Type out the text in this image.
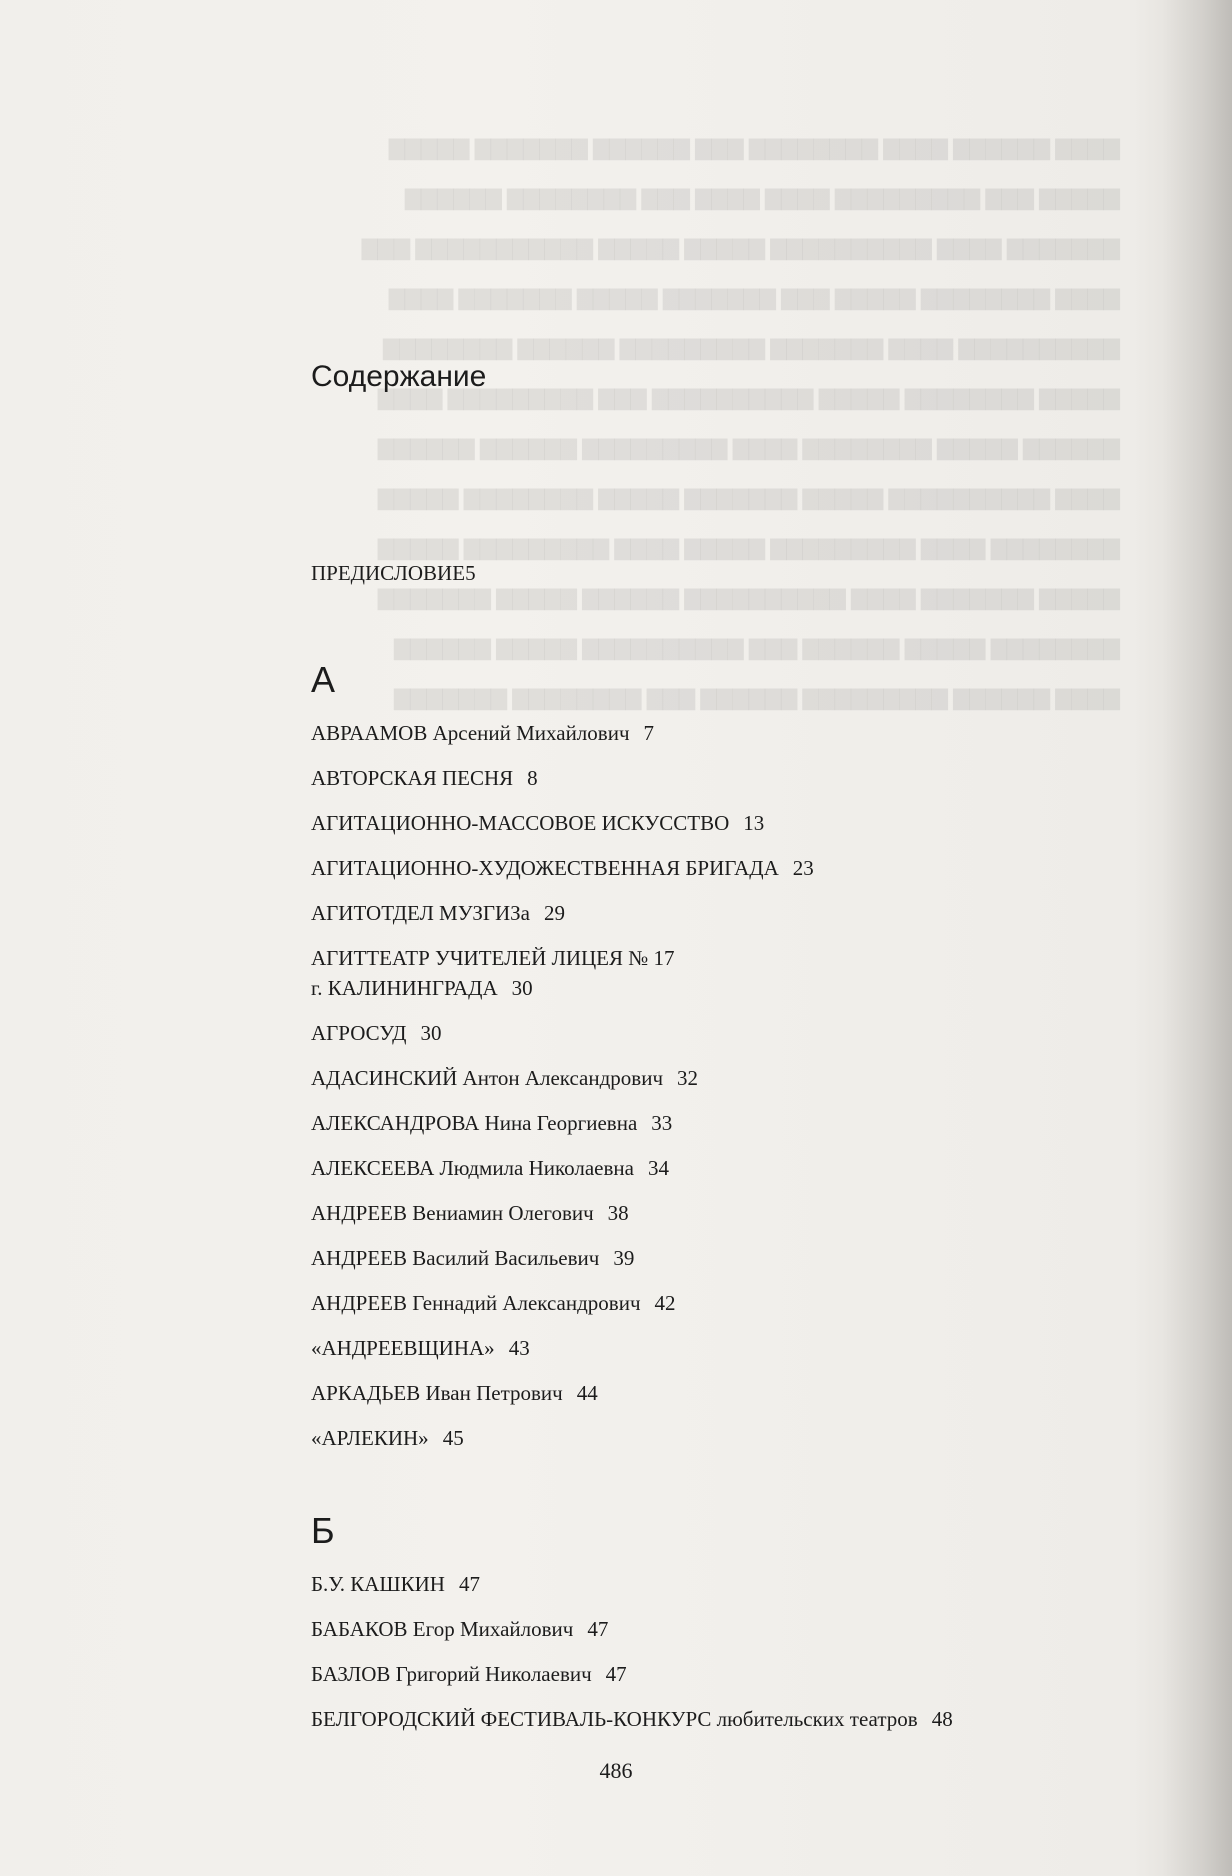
▇▇▇▇ ▇▇▇▇▇▇ ▇▇▇▇ ▇▇▇▇▇▇▇▇ ▇▇▇ ▇▇▇▇▇▇ ▇▇▇▇▇▇▇ ▇▇▇▇▇

▇▇▇▇▇ ▇▇▇ ▇▇▇▇▇▇▇▇▇ ▇▇▇▇ ▇▇▇▇ ▇▇▇ ▇▇▇▇▇▇▇▇ ▇▇▇▇▇▇

▇▇▇▇▇▇▇ ▇▇▇▇ ▇▇▇▇▇▇▇▇▇▇ ▇▇▇▇▇ ▇▇▇▇▇ ▇▇▇▇▇▇▇▇▇▇▇ ▇▇▇

▇▇▇▇ ▇▇▇▇▇▇▇▇ ▇▇▇▇▇ ▇▇▇ ▇▇▇▇▇▇▇ ▇▇▇▇▇ ▇▇▇▇▇▇▇ ▇▇▇▇

▇▇▇▇▇▇▇▇▇▇ ▇▇▇▇ ▇▇▇▇▇▇▇ ▇▇▇▇▇▇▇▇▇ ▇▇▇▇▇▇ ▇▇▇▇▇▇▇▇

▇▇▇▇▇ ▇▇▇▇▇▇▇▇ ▇▇▇▇▇ ▇▇▇▇▇▇▇▇▇▇ ▇▇▇ ▇▇▇▇▇▇▇▇▇ ▇▇▇▇

▇▇▇▇▇▇ ▇▇▇▇▇ ▇▇▇▇▇▇▇▇ ▇▇▇▇ ▇▇▇▇▇▇▇▇▇ ▇▇▇▇▇▇ ▇▇▇▇▇▇

▇▇▇▇ ▇▇▇▇▇▇▇▇▇▇ ▇▇▇▇▇ ▇▇▇▇▇▇▇ ▇▇▇▇▇ ▇▇▇▇▇▇▇▇ ▇▇▇▇▇

▇▇▇▇▇▇▇▇ ▇▇▇▇ ▇▇▇▇▇▇▇▇▇ ▇▇▇▇▇ ▇▇▇▇ ▇▇▇▇▇▇▇▇▇ ▇▇▇▇▇

▇▇▇▇▇ ▇▇▇▇▇▇▇ ▇▇▇▇ ▇▇▇▇▇▇▇▇▇▇ ▇▇▇▇▇▇ ▇▇▇▇▇ ▇▇▇▇▇▇▇

▇▇▇▇▇▇▇▇ ▇▇▇▇▇ ▇▇▇▇▇▇ ▇▇▇ ▇▇▇▇▇▇▇▇▇▇ ▇▇▇▇▇ ▇▇▇▇▇▇

▇▇▇▇ ▇▇▇▇▇▇ ▇▇▇▇▇▇▇▇▇ ▇▇▇▇▇▇ ▇▇▇ ▇▇▇▇▇▇▇▇ ▇▇▇▇▇▇▇

Содержание
ПРЕДИСЛОВИЕ5
А
АВРААМОВ Арсений Михайлович 7
АВТОРСКАЯ ПЕСНЯ 8
АГИТАЦИОННО-МАССОВОЕ ИСКУССТВО 13
АГИТАЦИОННО-ХУДОЖЕСТВЕННАЯ БРИГАДА 23
АГИТОТДЕЛ МУЗГИЗа 29
АГИТТЕАТР УЧИТЕЛЕЙ ЛИЦЕЯ № 17
г. КАЛИНИНГРАДА 30
АГРОСУД 30
АДАСИНСКИЙ Антон Александрович 32
АЛЕКСАНДРОВА Нина Георгиевна 33
АЛЕКСЕЕВА Людмила Николаевна 34
АНДРЕЕВ Вениамин Олегович 38
АНДРЕЕВ Василий Васильевич 39
АНДРЕЕВ Геннадий Александрович 42
«АНДРЕЕВЩИНА» 43
АРКАДЬЕВ Иван Петрович 44
«АРЛЕКИН» 45
Б
Б.У. КАШКИН 47
БАБАКОВ Егор Михайлович 47
БАЗЛОВ Григорий Николаевич 47
БЕЛГОРОДСКИЙ ФЕСТИВАЛЬ-КОНКУРС любительских театров 48
486
